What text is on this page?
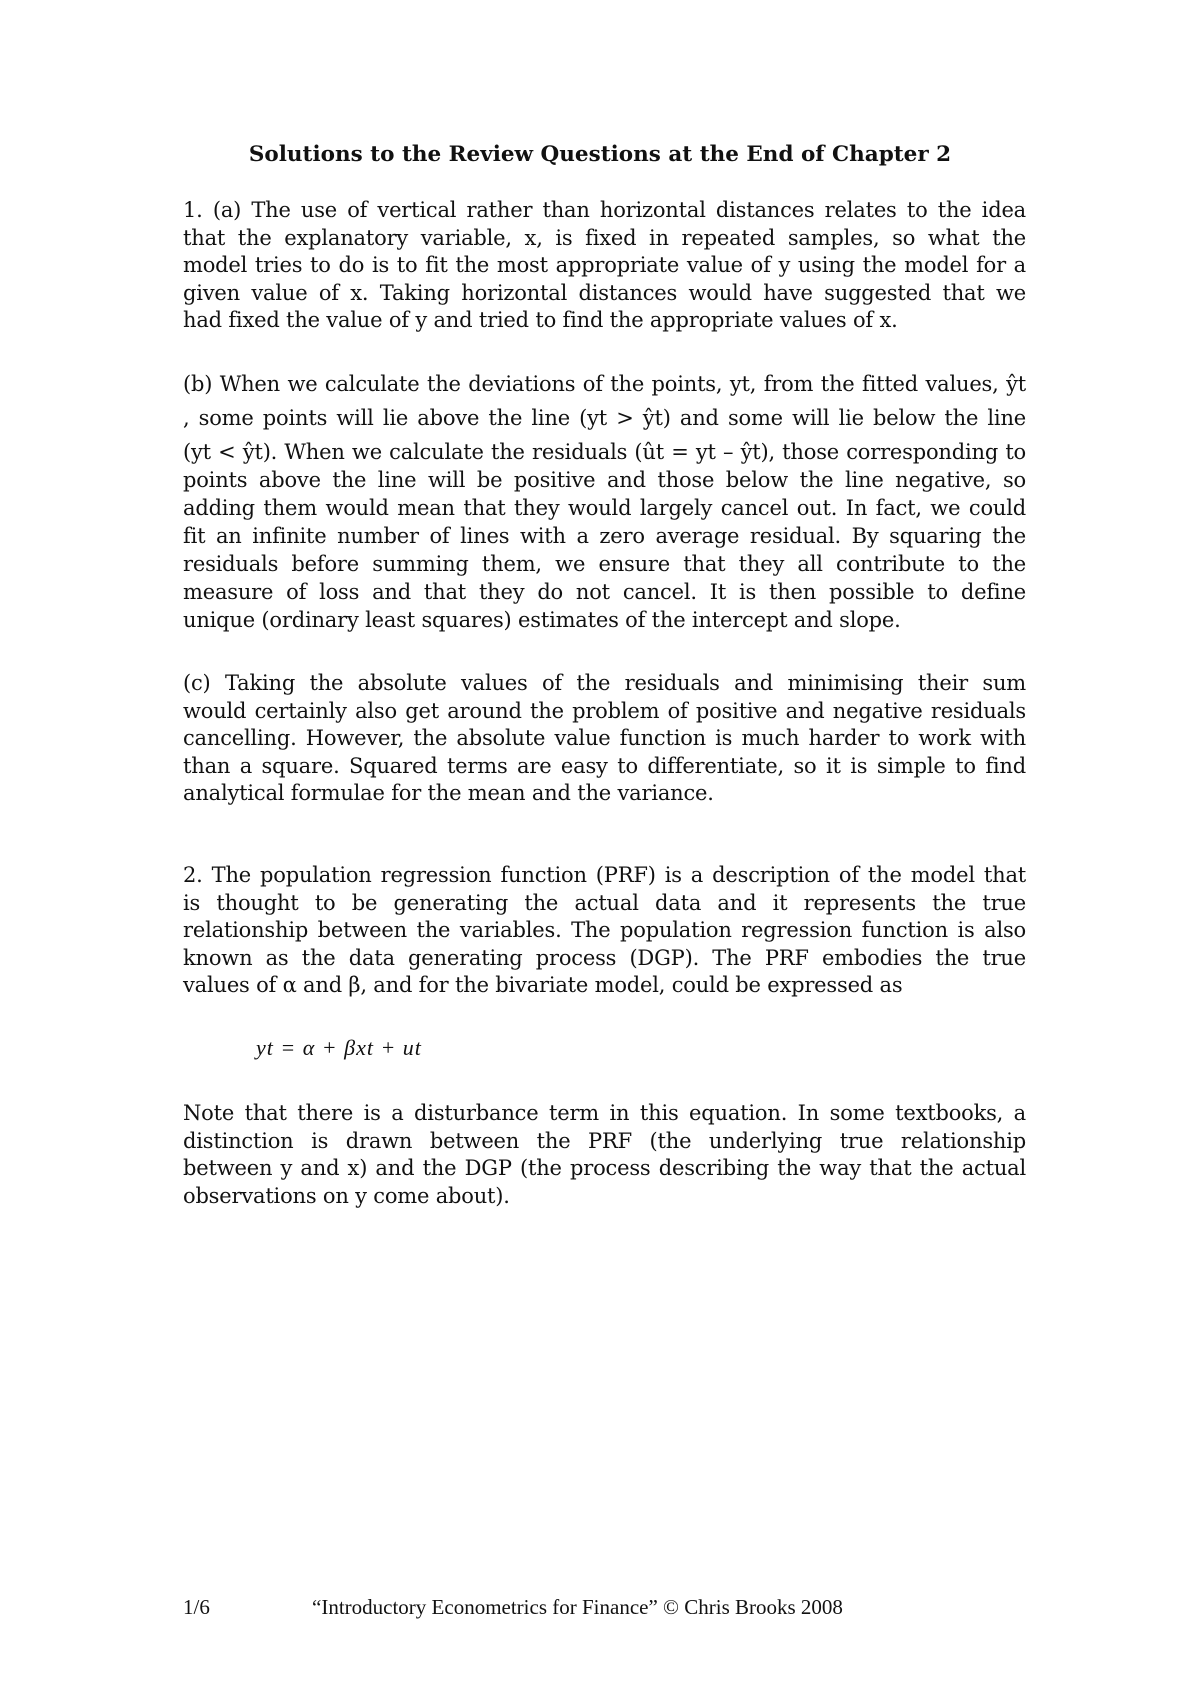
Solutions to the Review Questions at the End of Chapter 2
1. (a) The use of vertical rather than horizontal distances relates to the idea
that the explanatory variable, x, is fixed in repeated samples, so what the
model tries to do is to fit the most appropriate value of y using the model for a
given value of x. Taking horizontal distances would have suggested that we
had fixed the value of y and tried to find the appropriate values of x.
(b) When we calculate the deviations of the points, yt, from the fitted values, ŷt
, some points will lie above the line (yt > ŷt) and some will lie below the line
(yt < ŷt). When we calculate the residuals (ût = yt – ŷt), those corresponding to
points above the line will be positive and those below the line negative, so
adding them would mean that they would largely cancel out. In fact, we could
fit an infinite number of lines with a zero average residual. By squaring the
residuals before summing them, we ensure that they all contribute to the
measure of loss and that they do not cancel. It is then possible to define
unique (ordinary least squares) estimates of the intercept and slope.
(c) Taking the absolute values of the residuals and minimising their sum
would certainly also get around the problem of positive and negative residuals
cancelling. However, the absolute value function is much harder to work with
than a square. Squared terms are easy to differentiate, so it is simple to find
analytical formulae for the mean and the variance.
2. The population regression function (PRF) is a description of the model that
is thought to be generating the actual data and it represents the true
relationship between the variables. The population regression function is also
known as the data generating process (DGP). The PRF embodies the true
values of α and β, and for the bivariate model, could be expressed as
yt = α + βxt + ut
Note that there is a disturbance term in this equation. In some textbooks, a
distinction is drawn between the PRF (the underlying true relationship
between y and x) and the DGP (the process describing the way that the actual
observations on y come about).
1/6	“Introductory Econometrics for Finance” © Chris Brooks 2008
